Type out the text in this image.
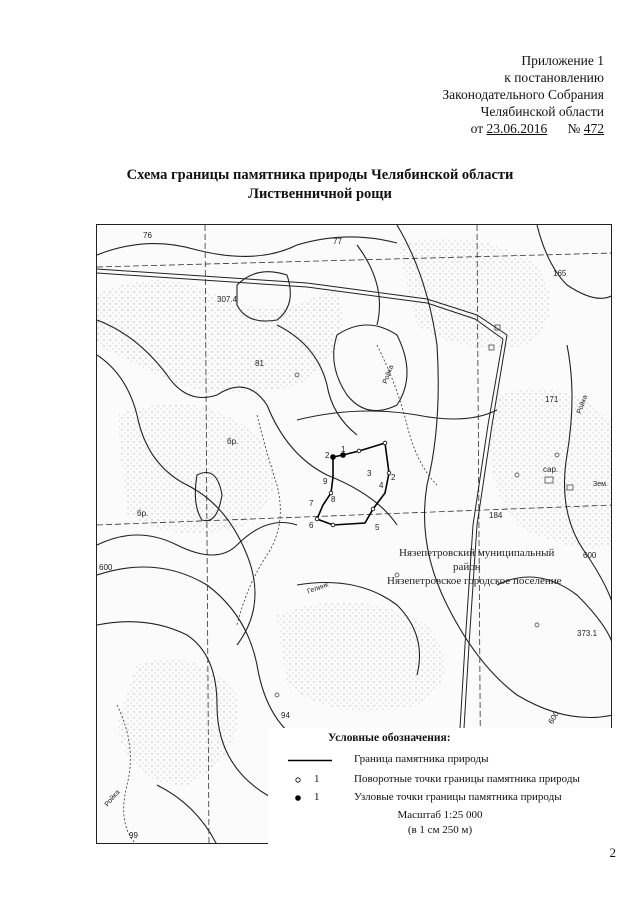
Приложение 1
к постановлению
Законодательного Собрания
Челябинской области
от 23.06.2016 № 472
Схема границы памятника природы Челябинской области
Лиственничной рощи
76
77
165
81
171
184
94
99
307.4
373.1
600
600
600
бр.
бр.
сар.
Зем.
Ройка
Ройка
Гелинк
Ройка
1
2
3
4
5
6
7 8
9	2
Нязепетровский муниципальный
район
Нязепетровское городское поселение
Условные обозначения:
Граница памятника природы
1	Поворотные точки границы памятника природы
1	Узловые точки границы памятника природы
Масштаб 1:25 000
(в 1 см 250 м)
2
